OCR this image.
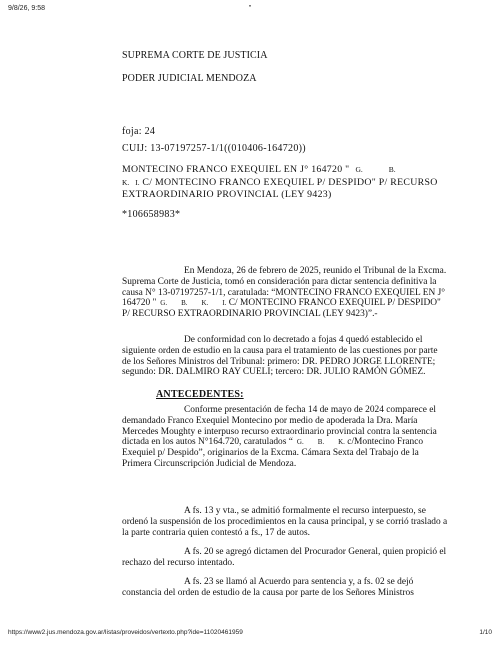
9/8/26, 9:58	"
SUPREMA CORTE DE JUSTICIA
PODER JUDICIAL MENDOZA
foja: 24
CUIJ: 13-07197257-1/1((010406-164720))
MONTECINO FRANCO EXEQUIEL EN J° 164720 " G.	B.
K. I. C/ MONTECINO FRANCO EXEQUIEL P/ DESPIDO" P/ RECURSO EXTRAORDINARIO PROVINCIAL (LEY 9423)
*106658983*

En Mendoza, 26 de febrero de 2025, reunido el Tribunal de la Excma. Suprema Corte de Justicia, tomó en consideración para dictar sentencia definitiva la causa N° 13-07197257-1/1, caratulada: “MONTECINO FRANCO EXEQUIEL EN J° 164720 " G. B. K. I. C/ MONTECINO FRANCO EXEQUIEL P/ DESPIDO" P/ RECURSO EXTRAORDINARIO PROVINCIAL (LEY 9423)”.-

De conformidad con lo decretado a fojas 4 quedó establecido el siguiente orden de estudio en la causa para el tratamiento de las cuestiones por parte de los Señores Ministros del Tribunal: primero: DR. PEDRO JORGE LLORENTE; segundo: DR. DALMIRO RAY CUELI; tercero: DR. JULIO RAMÓN GÓMEZ.

ANTECEDENTES:

Conforme presentación de fecha 14 de mayo de 2024 comparece el demandado Franco Exequiel Montecino por medio de apoderada la Dra. María Mercedes Moughty e interpuso recurso extraordinario provincial contra la sentencia dictada en los autos N°164.720, caratulados “ G. B. K. c/Montecino Franco Exequiel p/ Despido”, originarios de la Excma. Cámara Sexta del Trabajo de la Primera Circunscripción Judicial de Mendoza.

A fs. 13 y vta., se admitió formalmente el recurso interpuesto, se ordenó la suspensión de los procedimientos en la causa principal, y se corrió traslado a la parte contraria quien contestó a fs., 17 de autos.

A fs. 20 se agregó dictamen del Procurador General, quien propició el rechazo del recurso intentado.

A fs. 23 se llamó al Acuerdo para sentencia y, a fs. 02 se dejó constancia del orden de estudio de la causa por parte de los Señores Ministros

https://www2.jus.mendoza.gov.ar/listas/proveidos/vertexto.php?ide=11020461959	1/10
